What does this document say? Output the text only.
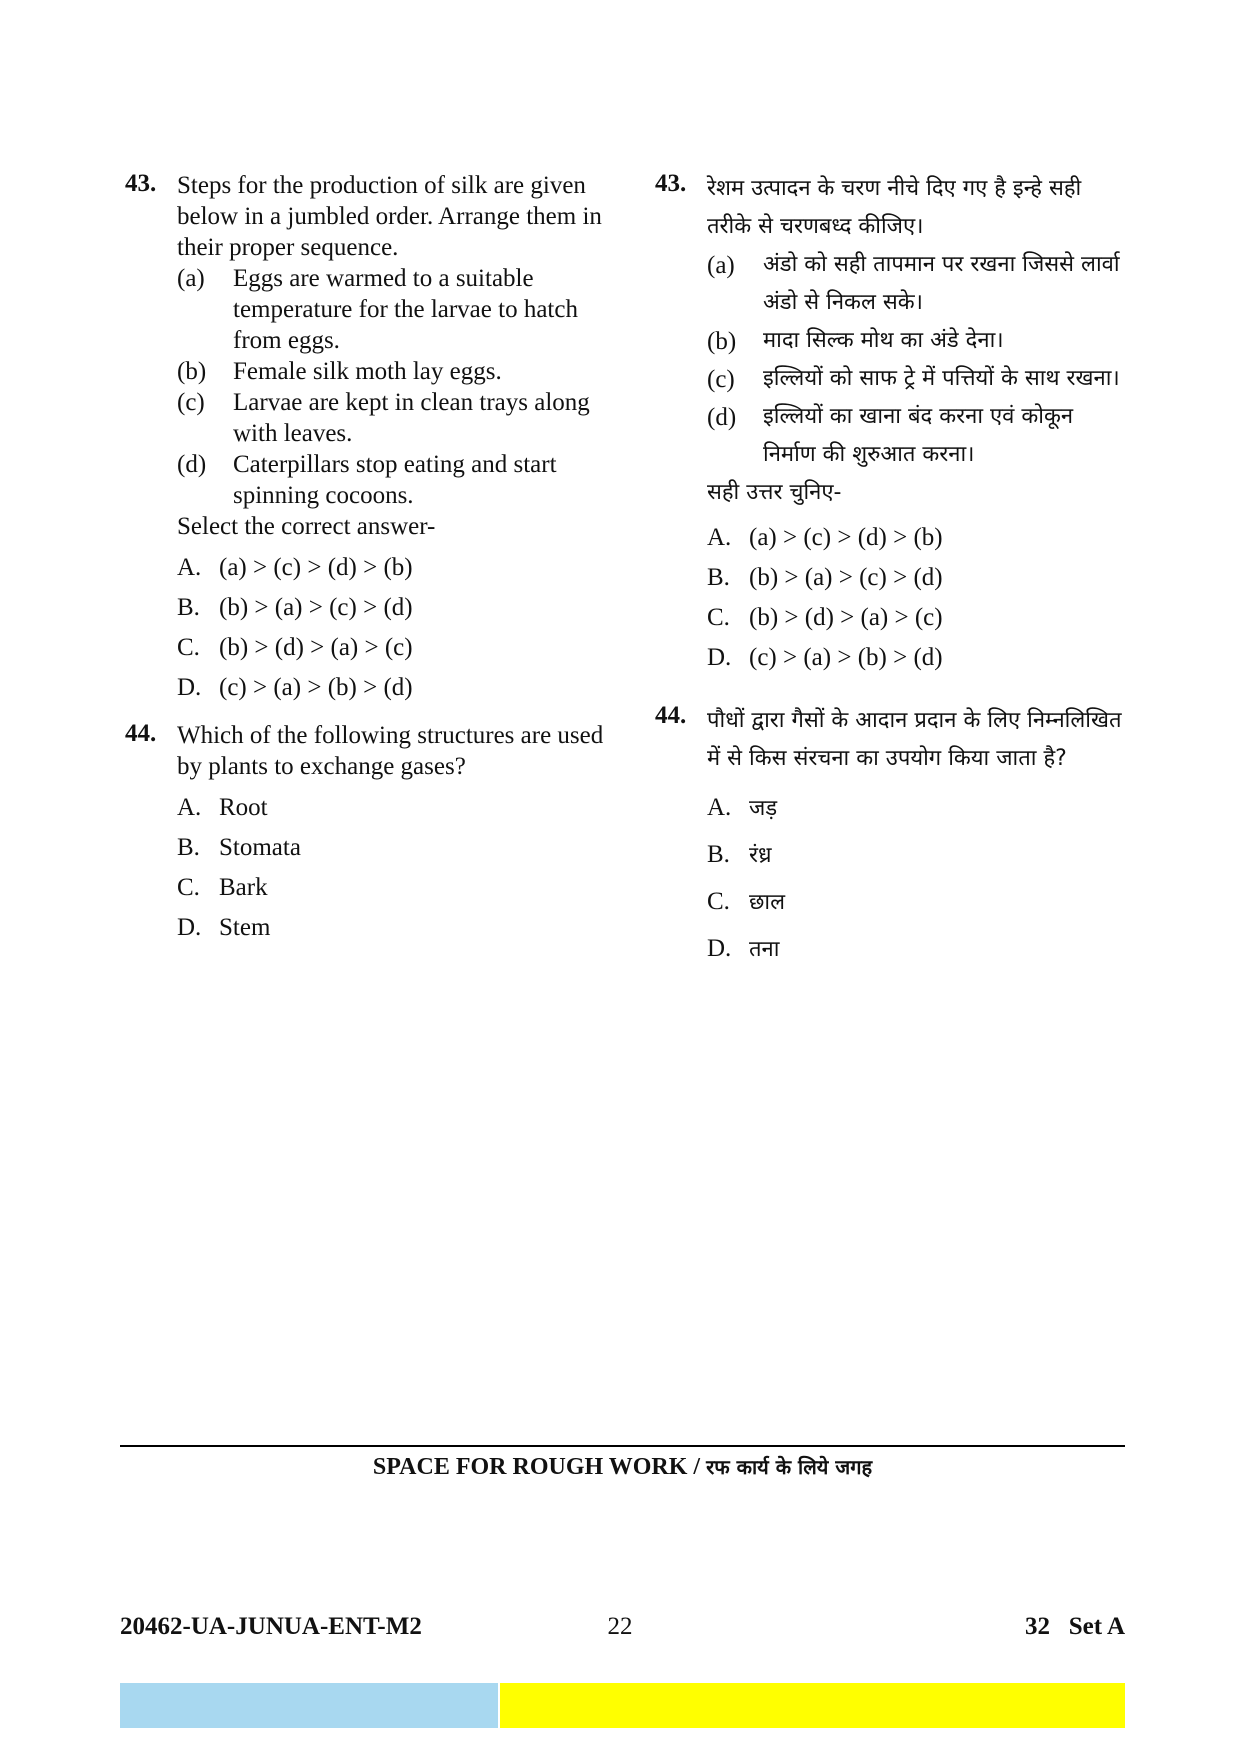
43. Steps for the production of silk are given below in a jumbled order. Arrange them in their proper sequence.
(a) Eggs are warmed to a suitable temperature for the larvae to hatch from eggs.
(b) Female silk moth lay eggs.
(c) Larvae are kept in clean trays along with leaves.
(d) Caterpillars stop eating and start spinning cocoons.
Select the correct answer-
A. (a) > (c) > (d) > (b)
B. (b) > (a) > (c) > (d)
C. (b) > (d) > (a) > (c)
D. (c) > (a) > (b) > (d)
44. Which of the following structures are used by plants to exchange gases?
A. Root
B. Stomata
C. Bark
D. Stem
43. रेशम उत्पादन के चरण नीचे दिए गए है इन्हे सही तरीके से चरणबध्द कीजिए।
(a) अंडो को सही तापमान पर रखना जिससे लार्वा अंडो से निकल सके।
(b) मादा सिल्क मोथ का अंडे देना।
(c) इल्लियों को साफ ट्रे में पत्तियों के साथ रखना।
(d) इल्लियों का खाना बंद करना एवं कोकून निर्माण की शुरुआत करना।
सही उत्तर चुनिए-
A. (a) > (c) > (d) > (b)
B. (b) > (a) > (c) > (d)
C. (b) > (d) > (a) > (c)
D. (c) > (a) > (b) > (d)
44. पौधों द्वारा गैसों के आदान प्रदान के लिए निम्नलिखित में से किस संरचना का उपयोग किया जाता है?
A. जड़
B. रंध्र
C. छाल
D. तना
SPACE FOR ROUGH WORK / रफ कार्य के लिये जगह
20462-UA-JUNUA-ENT-M2	22	32   Set A
